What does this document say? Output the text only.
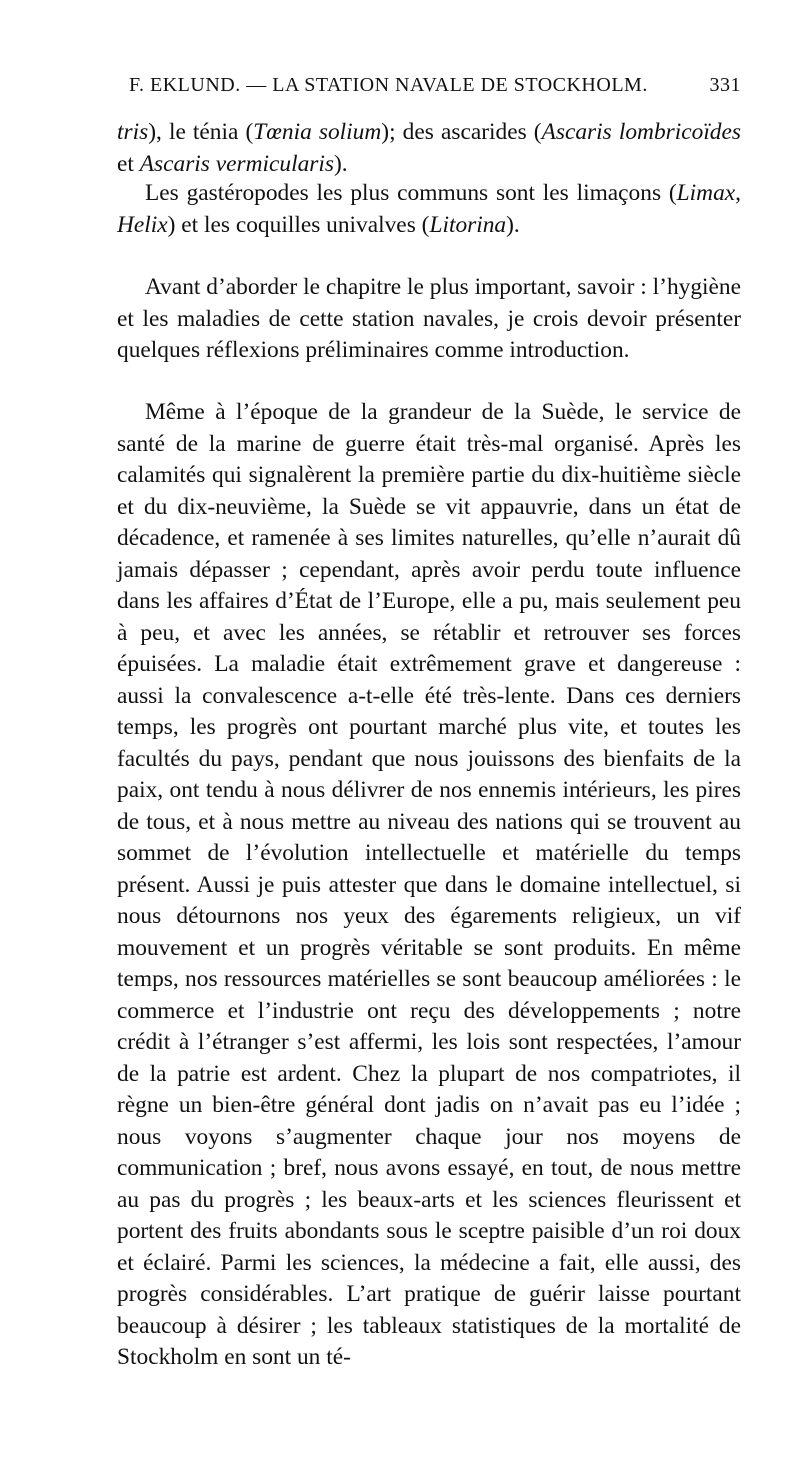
F. EKLUND. — LA STATION NAVALE DE STOCKHOLM.	331

tris), le ténia (Tœnia solium); des ascarides (Ascaris lombricoïdes et Ascaris vermicularis).

Les gastéropodes les plus communs sont les limaçons (Limax, Helix) et les coquilles univalves (Litorina).

Avant d’aborder le chapitre le plus important, savoir : l’hygiène et les maladies de cette station navales, je crois devoir présenter quelques réflexions préliminaires comme introduction.

Même à l’époque de la grandeur de la Suède, le service de santé de la marine de guerre était très-mal organisé. Après les calamités qui signalèrent la première partie du dix-huitième siècle et du dix-neuvième, la Suède se vit appauvrie, dans un état de décadence, et ramenée à ses limites naturelles, qu’elle n’aurait dû jamais dépasser ; cependant, après avoir perdu toute influence dans les affaires d’État de l’Europe, elle a pu, mais seulement peu à peu, et avec les années, se rétablir et retrouver ses forces épuisées. La maladie était extrêmement grave et dangereuse : aussi la convalescence a-t-elle été très-lente. Dans ces derniers temps, les progrès ont pourtant marché plus vite, et toutes les facultés du pays, pendant que nous jouissons des bienfaits de la paix, ont tendu à nous délivrer de nos ennemis intérieurs, les pires de tous, et à nous mettre au niveau des nations qui se trouvent au sommet de l’évolution intellectuelle et matérielle du temps présent. Aussi je puis attester que dans le domaine intellectuel, si nous détournons nos yeux des égarements religieux, un vif mouvement et un progrès véritable se sont produits. En même temps, nos ressources matérielles se sont beaucoup améliorées : le commerce et l’industrie ont reçu des développements ; notre crédit à l’étranger s’est affermi, les lois sont respectées, l’amour de la patrie est ardent. Chez la plupart de nos compatriotes, il règne un bien-être général dont jadis on n’avait pas eu l’idée ; nous voyons s’augmenter chaque jour nos moyens de communication ; bref, nous avons essayé, en tout, de nous mettre au pas du progrès ; les beaux-arts et les sciences fleurissent et portent des fruits abondants sous le sceptre paisible d’un roi doux et éclairé. Parmi les sciences, la médecine a fait, elle aussi, des progrès considérables. L’art pratique de guérir laisse pourtant beaucoup à désirer ; les tableaux statistiques de la mortalité de Stockholm en sont un té-
